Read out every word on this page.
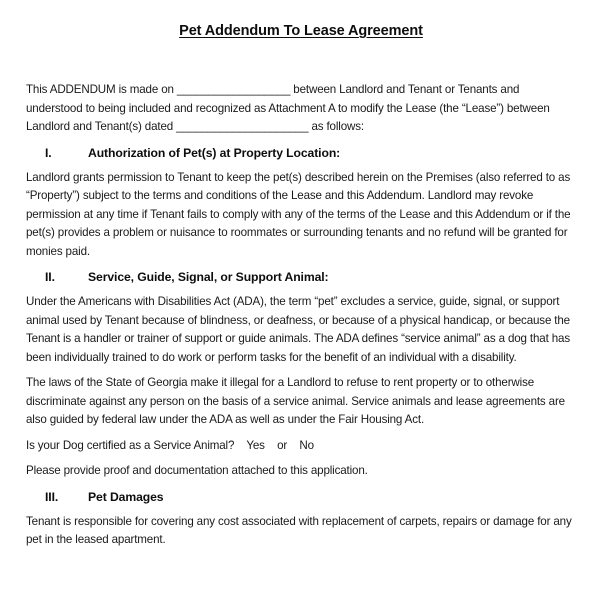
Pet Addendum To Lease Agreement

This ADDENDUM is made on __________________ between Landlord and Tenant or Tenants and understood to being included and recognized as Attachment A to modify the Lease (the “Lease”) between Landlord and Tenant(s) dated _____________________ as follows:

I.	Authorization of Pet(s) at Property Location:

Landlord grants permission to Tenant to keep the pet(s) described herein on the Premises (also referred to as “Property”) subject to the terms and conditions of the Lease and this Addendum. Landlord may revoke permission at any time if Tenant fails to comply with any of the terms of the Lease and this Addendum or if the pet(s) provides a problem or nuisance to roommates or surrounding tenants and no refund will be granted for monies paid.

II.	Service, Guide, Signal, or Support Animal:

Under the Americans with Disabilities Act (ADA), the term “pet” excludes a service, guide, signal, or support animal used by Tenant because of blindness, or deafness, or because of a physical handicap, or because the Tenant is a handler or trainer of support or guide animals. The ADA defines “service animal” as a dog that has been individually trained to do work or perform tasks for the benefit of an individual with a disability.

The laws of the State of Georgia make it illegal for a Landlord to refuse to rent property or to otherwise discriminate against any person on the basis of a service animal. Service animals and lease agreements are also guided by federal law under the ADA as well as under the Fair Housing Act.

Is your Dog certified as a Service Animal?    Yes    or    No

Please provide proof and documentation attached to this application.

III.	Pet Damages

Tenant is responsible for covering any cost associated with replacement of carpets, repairs or damage for any pet in the leased apartment.
